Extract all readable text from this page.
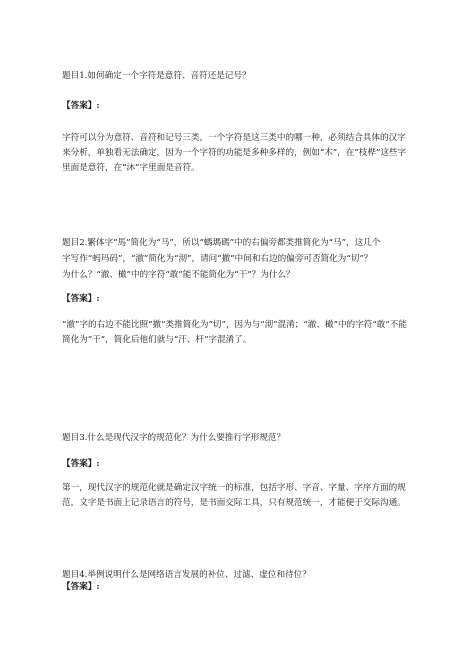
题目1.如何确定一个字符是意符、音符还是记号？
【答案】:
字符可以分为意符、音符和记号三类，一个字符是这三类中的哪一种，必须结合具体的汉字来分析，单独看无法确定，因为一个字符的功能是多种多样的，例如“木”，在“枝桦”这些字里面是意符，在“沐”字里面是音符。
题目2.繁体字“馬”简化为“马”，所以“螞瑪碼”中的右偏旁都类推简化为“马”，这几个
字写作“蚂玛码”，“澈”简化为“沏”，请问“撤”中间和右边的偏旁可否简化为“切”？
为什么？“澈、橄”中的字符“敢”能不能简化为“干”？为什么？
【答案】:
“澈”字的右边不能比照“撤”类推简化为“切”，因为与“沏”混淆；“澈、橄”中的字符“敢”不能简化为“干”，简化后他们就与“汗、杆”字混淆了。
题目3.什么是现代汉字的规范化？为什么要推行字形规范？
【答案】:
第一，现代汉字的规范化就是确定汉字统一的标准，包括字形、字音、字量、字序方面的规范，文字是书面上记录语言的符号，是书面交际工具，只有规范统一，才能便于交际沟通。
题目4.举例说明什么是网络语言发展的补位、过滤、虚位和待位？
【答案】:
